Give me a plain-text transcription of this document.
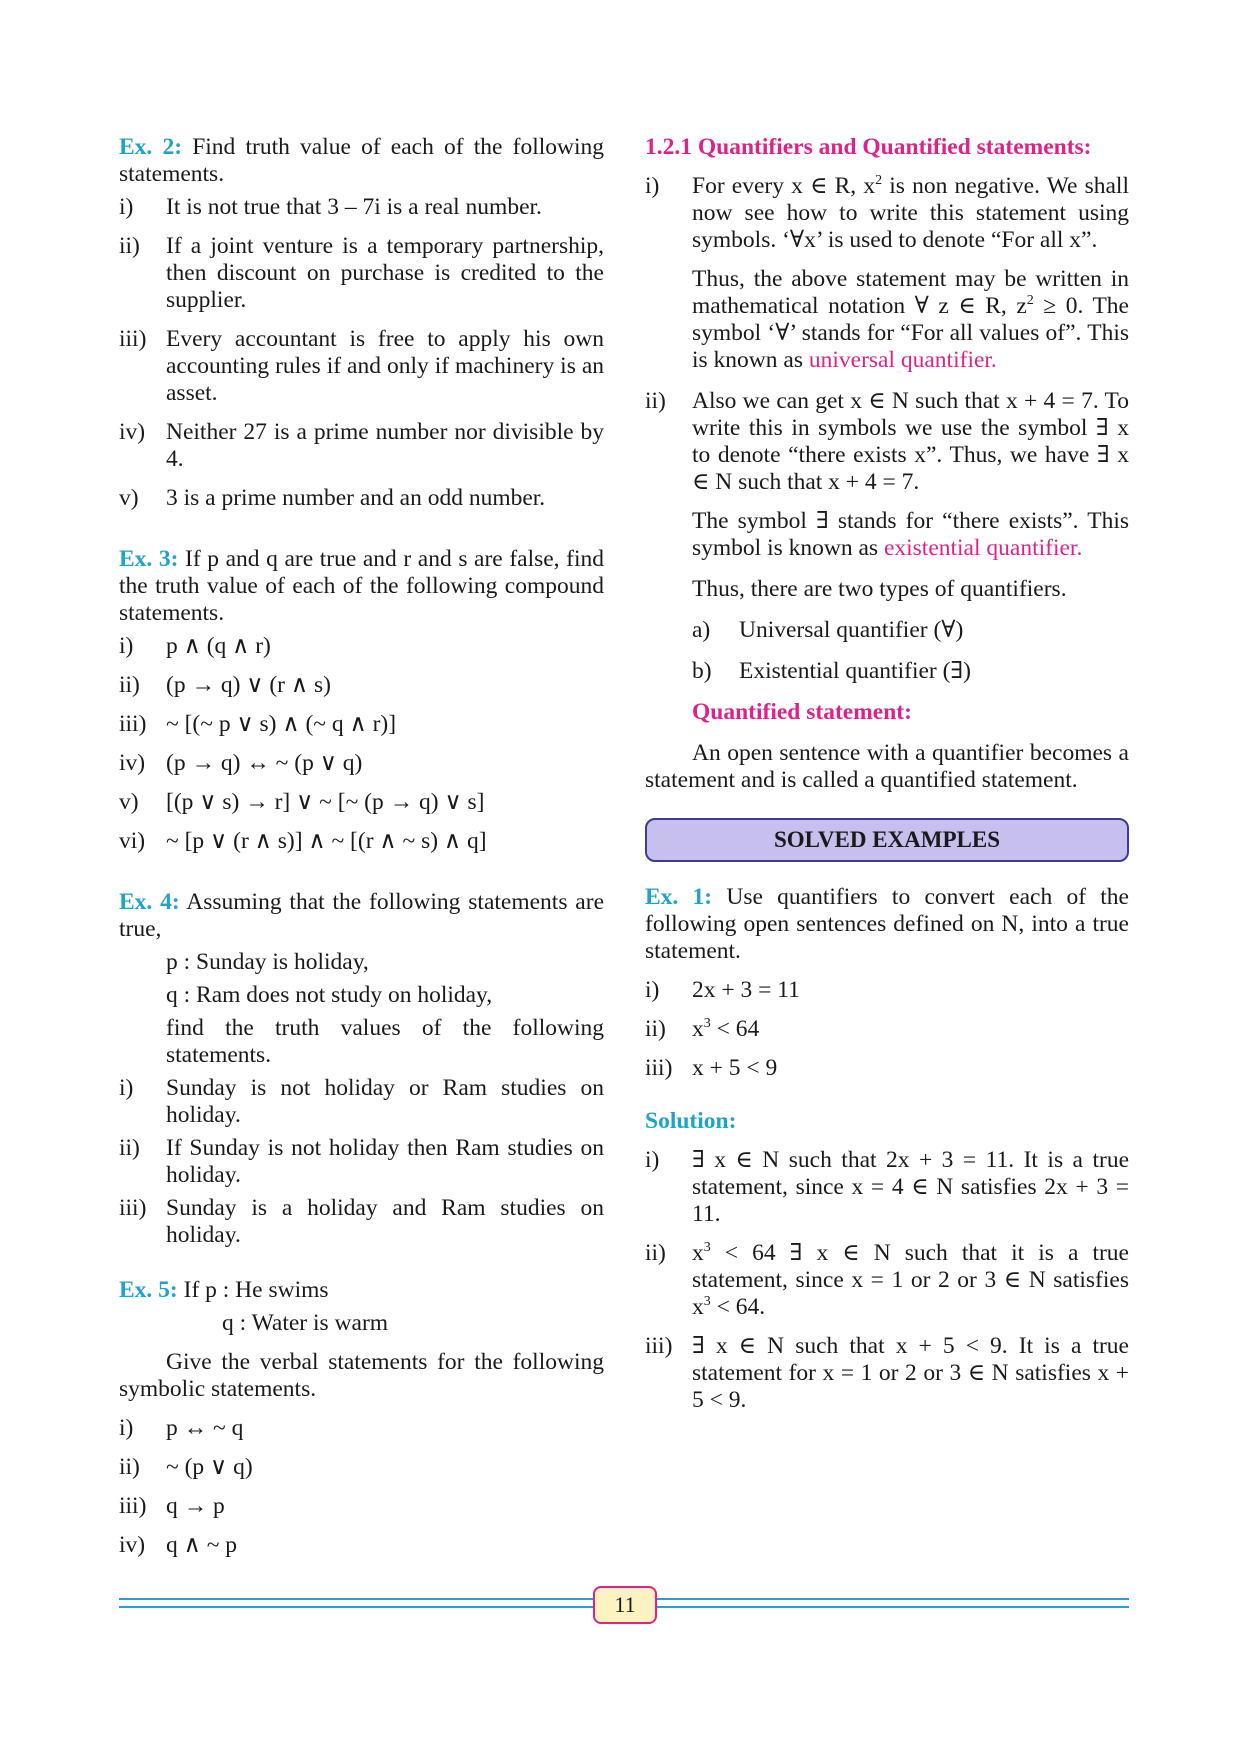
Ex. 2: Find truth value of each of the following statements.
i)	It is not true that 3 – 7i is a real number.
ii)	If a joint venture is a temporary partnership, then discount on purchase is credited to the supplier.
iii) Every accountant is free to apply his own accounting rules if and only if machinery is an asset.
iv) Neither 27 is a prime number nor divisible by 4.
v)	3 is a prime number and an odd number.
Ex. 3: If p and q are true and r and s are false, find the truth value of each of the following compound statements.
i)	p ∧ (q ∧ r)
ii)	(p → q) ∨ (r ∧ s)
iii) ~ [(~ p ∨ s) ∧ (~ q ∧ r)]
iv) (p → q) ↔ ~ (p ∨ q)
v)	[(p ∨ s) → r] ∨ ~ [~ (p → q) ∨ s]
vi) ~ [p ∨ (r ∧ s)] ∧ ~ [(r ∧ ~ s) ∧ q]
Ex. 4: Assuming that the following statements are true,
p : Sunday is holiday,
q : Ram does not study on holiday,
find the truth values of the following statements.
i)	Sunday is not holiday or Ram studies on holiday.
ii)	If Sunday is not holiday then Ram studies on holiday.
iii) Sunday is a holiday and Ram studies on holiday.
Ex. 5: If p : He swims
q : Water is warm
Give the verbal statements for the following symbolic statements.
i)	p ↔ ~ q
ii)	~ (p ∨ q)
iii) q → p
iv) q ∧ ~ p
1.2.1 Quantifiers and Quantified statements:
i)	For every x ∈ R, $x^2$ is non negative. We shall now see how to write this statement using symbols. ‘∀x’ is used to denote “For all x”.
Thus, the above statement may be written in mathematical notation ∀ z ∈ R, $z^2 \ge 0$. The symbol ‘∀’ stands for “For all values of”. This is known as universal quantifier.
ii)	Also we can get x ∈ N such that x + 4 = 7. To write this in symbols we use the symbol ∃ x to denote “there exists x”. Thus, we have ∃ x ∈ N such that x + 4 = 7.
The symbol ∃ stands for “there exists”. This symbol is known as existential quantifier.
Thus, there are two types of quantifiers.
a)	Universal quantifier (∀)
b)	Existential quantifier (∃)
Quantified statement:
An open sentence with a quantifier becomes a statement and is called a quantified statement.
SOLVED EXAMPLES
Ex. 1: Use quantifiers to convert each of the following open sentences defined on N, into a true statement.
i)	2x + 3 = 11
ii)	$x^3 < 64$
iii) x + 5 < 9
Solution:
i)	∃ x ∈ N such that 2x + 3 = 11. It is a true statement, since x = 4 ∈ N satisfies 2x + 3 = 11.
ii)	$x^3 < 64$ ∃ x ∈ N such that it is a true statement, since x = 1 or 2 or 3 ∈ N satisfies $x^3 < 64$.
iii) ∃ x ∈ N such that x + 5 < 9. It is a true statement for x = 1 or 2 or 3 ∈ N satisfies x + 5 < 9.
11
